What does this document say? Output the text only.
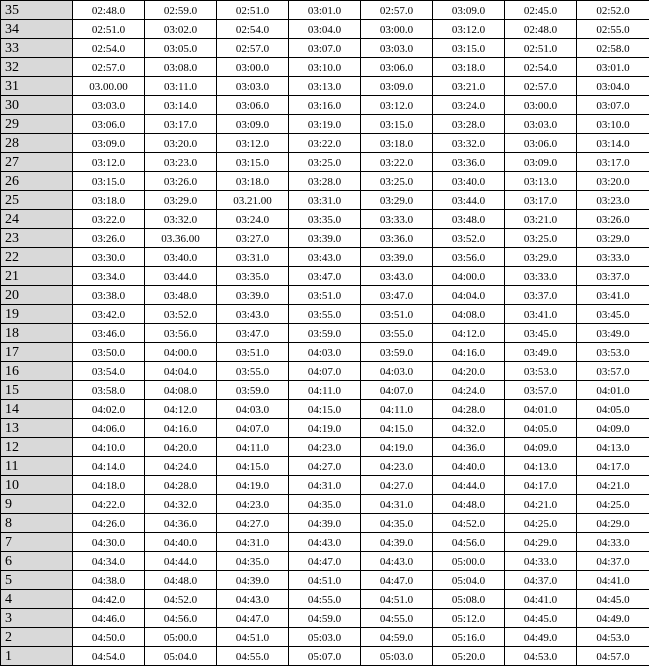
35	02:48.0	02:59.0	02:51.0	03:01.0	02:57.0	03:09.0	02:45.0	02:52.0
34	02:51.0	03:02.0	02:54.0	03:04.0	03:00.0	03:12.0	02:48.0	02:55.0
33	02:54.0	03:05.0	02:57.0	03:07.0	03:03.0	03:15.0	02:51.0	02:58.0
32	02:57.0	03:08.0	03:00.0	03:10.0	03:06.0	03:18.0	02:54.0	03:01.0
31	03.00.00	03:11.0	03:03.0	03:13.0	03:09.0	03:21.0	02:57.0	03:04.0
30	03:03.0	03:14.0	03:06.0	03:16.0	03:12.0	03:24.0	03:00.0	03:07.0
29	03:06.0	03:17.0	03:09.0	03:19.0	03:15.0	03:28.0	03:03.0	03:10.0
28	03:09.0	03:20.0	03:12.0	03:22.0	03:18.0	03:32.0	03:06.0	03:14.0
27	03:12.0	03:23.0	03:15.0	03:25.0	03:22.0	03:36.0	03:09.0	03:17.0
26	03:15.0	03:26.0	03:18.0	03:28.0	03:25.0	03:40.0	03:13.0	03:20.0
25	03:18.0	03:29.0	03.21.00	03:31.0	03:29.0	03:44.0	03:17.0	03:23.0
24	03:22.0	03:32.0	03:24.0	03:35.0	03:33.0	03:48.0	03:21.0	03:26.0
23	03:26.0	03.36.00	03:27.0	03:39.0	03:36.0	03:52.0	03:25.0	03:29.0
22	03:30.0	03:40.0	03:31.0	03:43.0	03:39.0	03:56.0	03:29.0	03:33.0
21	03:34.0	03:44.0	03:35.0	03:47.0	03:43.0	04:00.0	03:33.0	03:37.0
20	03:38.0	03:48.0	03:39.0	03:51.0	03:47.0	04:04.0	03:37.0	03:41.0
19	03:42.0	03:52.0	03:43.0	03:55.0	03:51.0	04:08.0	03:41.0	03:45.0
18	03:46.0	03:56.0	03:47.0	03:59.0	03:55.0	04:12.0	03:45.0	03:49.0
17	03:50.0	04:00.0	03:51.0	04:03.0	03:59.0	04:16.0	03:49.0	03:53.0
16	03:54.0	04:04.0	03:55.0	04:07.0	04:03.0	04:20.0	03:53.0	03:57.0
15	03:58.0	04:08.0	03:59.0	04:11.0	04:07.0	04:24.0	03:57.0	04:01.0
14	04:02.0	04:12.0	04:03.0	04:15.0	04:11.0	04:28.0	04:01.0	04:05.0
13	04:06.0	04:16.0	04:07.0	04:19.0	04:15.0	04:32.0	04:05.0	04:09.0
12	04:10.0	04:20.0	04:11.0	04:23.0	04:19.0	04:36.0	04:09.0	04:13.0
11	04:14.0	04:24.0	04:15.0	04:27.0	04:23.0	04:40.0	04:13.0	04:17.0
10	04:18.0	04:28.0	04:19.0	04:31.0	04:27.0	04:44.0	04:17.0	04:21.0
9	04:22.0	04:32.0	04:23.0	04:35.0	04:31.0	04:48.0	04:21.0	04:25.0
8	04:26.0	04:36.0	04:27.0	04:39.0	04:35.0	04:52.0	04:25.0	04:29.0
7	04:30.0	04:40.0	04:31.0	04:43.0	04:39.0	04:56.0	04:29.0	04:33.0
6	04:34.0	04:44.0	04:35.0	04:47.0	04:43.0	05:00.0	04:33.0	04:37.0
5	04:38.0	04:48.0	04:39.0	04:51.0	04:47.0	05:04.0	04:37.0	04:41.0
4	04:42.0	04:52.0	04:43.0	04:55.0	04:51.0	05:08.0	04:41.0	04:45.0
3	04:46.0	04:56.0	04:47.0	04:59.0	04:55.0	05:12.0	04:45.0	04:49.0
2	04:50.0	05:00.0	04:51.0	05:03.0	04:59.0	05:16.0	04:49.0	04:53.0
1	04:54.0	05:04.0	04:55.0	05:07.0	05:03.0	05:20.0	04:53.0	04:57.0
